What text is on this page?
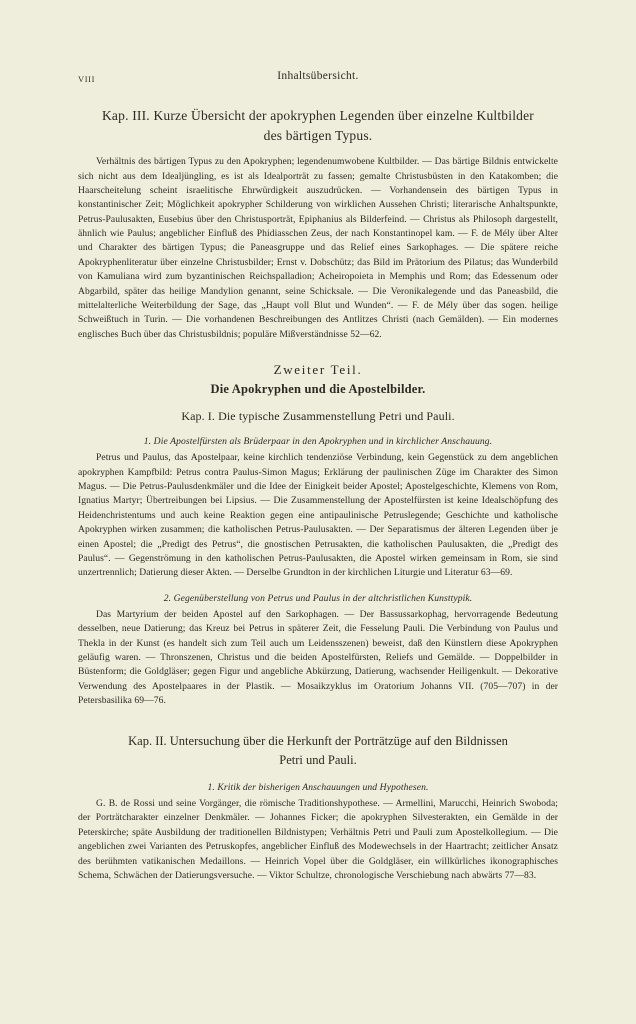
VIII	Inhaltsübersicht.
Kap. III. Kurze Übersicht der apokryphen Legenden über einzelne Kultbilder
des bärtigen Typus.

Verhältnis des bärtigen Typus zu den Apokryphen; legendenumwobene Kultbilder. — Das bärtige Bildnis entwickelte sich nicht aus dem Idealjüngling, es ist als Idealporträt zu fassen; gemalte Christusbüsten in den Katakomben; die Haarscheitelung scheint israelitische Ehrwürdigkeit auszudrücken. — Vorhandensein des bärtigen Typus in konstantinischer Zeit; Möglichkeit apokrypher Schilderung von wirklichen Aussehen Christi; literarische Anhaltspunkte, Petrus-Paulusakten, Eusebius über den Christusporträt, Epiphanius als Bilderfeind. — Christus als Philosoph dargestellt, ähnlich wie Paulus; angeblicher Einfluß des Phidiasschen Zeus, der nach Konstantinopel kam. — F. de Mély über Alter und Charakter des bärtigen Typus; die Paneasgruppe und das Relief eines Sarkophages. — Die spätere reiche Apokryphenliteratur über einzelne Christusbilder; Ernst v. Dobschütz; das Bild im Prätorium des Pilatus; das Wunderbild von Kamuliana wird zum byzantinischen Reichspalladion; Acheiropoieta in Memphis und Rom; das Edessenum oder Abgarbild, später das heilige Mandylion genannt, seine Schicksale. — Die Veronikalegende und das Paneasbild, die mittelalterliche Weiterbildung der Sage, das „Haupt voll Blut und Wunden“. — F. de Mély über das sogen. heilige Schweißtuch in Turin. — Die vorhandenen Beschreibungen des Antlitzes Christi (nach Gemälden). — Ein modernes englisches Buch über das Christusbildnis; populäre Mißverständnisse 52—62.

Zweiter Teil.
Die Apokryphen und die Apostelbilder.
Kap. I. Die typische Zusammenstellung Petri und Pauli.
1. Die Apostelfürsten als Brüderpaar in den Apokryphen und in kirchlicher Anschauung.

Petrus und Paulus, das Apostelpaar, keine kirchlich tendenziöse Verbindung, kein Gegenstück zu dem angeblichen apokryphen Kampfbild: Petrus contra Paulus-Simon Magus; Erklärung der paulinischen Züge im Charakter des Simon Magus. — Die Petrus-Paulusdenkmäler und die Idee der Einigkeit beider Apostel; Apostelgeschichte, Klemens von Rom, Ignatius Martyr; Übertreibungen bei Lipsius. — Die Zusammenstellung der Apostelfürsten ist keine Idealschöpfung des Heidenchristentums und auch keine Reaktion gegen eine antipaulinische Petruslegende; Geschichte und katholische Apokryphen wirken zusammen; die katholischen Petrus-Paulusakten. — Der Separatismus der älteren Legenden über je einen Apostel; die „Predigt des Petrus“, die gnostischen Petrusakten, die katholischen Paulusakten, die „Predigt des Paulus“. — Gegenströmung in den katholischen Petrus-Paulusakten, die Apostel wirken gemeinsam in Rom, sie sind unzertrennlich; Datierung dieser Akten. — Derselbe Grundton in der kirchlichen Liturgie und Literatur 63—69.

2. Gegenüberstellung von Petrus und Paulus in der altchristlichen Kunsttypik.

Das Martyrium der beiden Apostel auf den Sarkophagen. — Der Bassussarkophag, hervorragende Bedeutung desselben, neue Datierung; das Kreuz bei Petrus in späterer Zeit, die Fesselung Pauli. Die Verbindung von Paulus und Thekla in der Kunst (es handelt sich zum Teil auch um Leidensszenen) beweist, daß den Künstlern diese Apokryphen geläufig waren. — Thronszenen, Christus und die beiden Apostelfürsten, Reliefs und Gemälde. — Doppelbilder in Büstenform; die Goldgläser; gegen Figur und angebliche Abkürzung, Datierung, wachsender Heiligenkult. — Dekorative Verwendung des Apostelpaares in der Plastik. — Mosaikzyklus im Oratorium Johanns VII. (705—707) in der Petersbasilika 69—76.

Kap. II. Untersuchung über die Herkunft der Porträtzüge auf den Bildnissen
Petri und Pauli.
1. Kritik der bisherigen Anschauungen und Hypothesen.

G. B. de Rossi und seine Vorgänger, die römische Traditionshypothese. — Armellini, Marucchi, Heinrich Swoboda; der Porträtcharakter einzelner Denkmäler. — Johannes Ficker; die apokryphen Silvesterakten, ein Gemälde in der Peterskirche; späte Ausbildung der traditionellen Bildnistypen; Verhältnis Petri und Pauli zum Apostelkollegium. — Die angeblichen zwei Varianten des Petruskopfes, angeblicher Einfluß des Modewechsels in der Haartracht; zeitlicher Ansatz des berühmten vatikanischen Medaillons. — Heinrich Vopel über die Goldgläser, ein willkürliches ikonographisches Schema, Schwächen der Datierungsversuche. — Viktor Schultze, chronologische Verschiebung nach abwärts 77—83.
